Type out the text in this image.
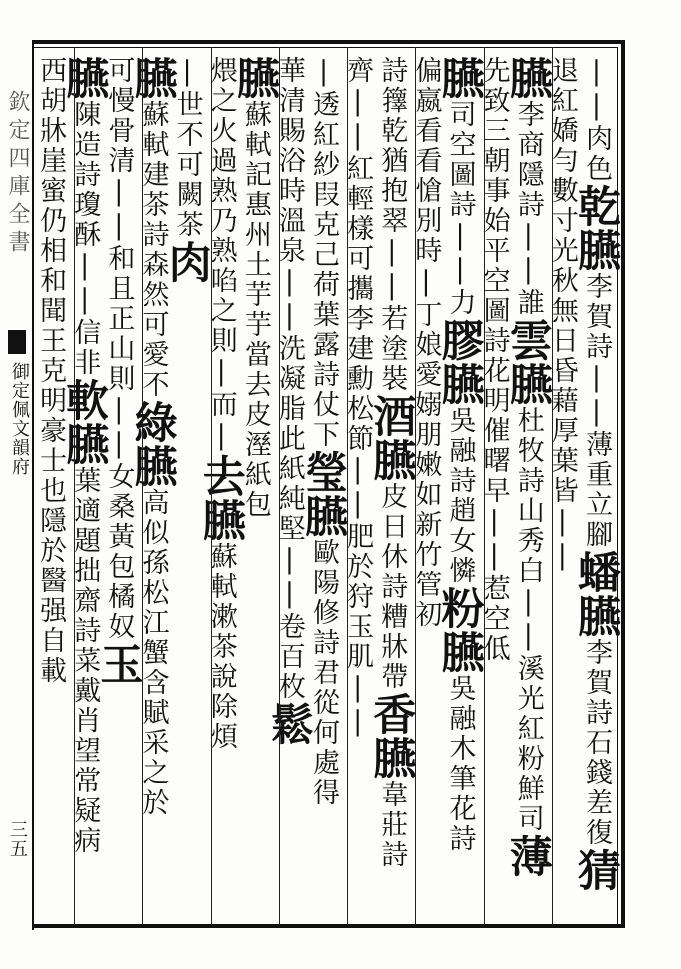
欽定四庫全書
御定佩文韻府
三五
||肉色乾臙李賀詩||薄重立腳蟠臙李賀詩石錢差復猜
退紅嬌勻數寸光秋無日昏藉厚葉皆||
臙李商隱詩||誰雲臙杜牧詩山秀白||溪光紅粉鮮司薄
先致三朝事始平空圖詩花明催曙早||惹空低
臙司空圖詩||力膠臙吳融詩趙女憐粉臙吳融木筆花詩
偏嬴看看愴別時|丁娘愛嫋朋嫩如新竹管初
詩籜乾猶抱翠||若塗裝酒臙皮日休詩糟牀帶香臙韋莊詩
齊||紅輕樣可攜李建勳松節||肥於狩玉肌||
|透紅紗叚克己荷葉露詩仗下瑩臙歐陽修詩君從何處得
華清賜浴時溫泉||洗凝脂此紙純堅||卷百枚鬆
臙蘇軾記惠州土芋芋當去皮溼紙包
煨之火過熟乃熟啗之則|而|去臙蘇軾漱茶說除煩
|世不可闕茶肉
臙蘇軾建茶詩森然可愛不綠臙高似孫松江蟹含賦采之於
可慢骨清||和且正山則||女桑黃包橘奴玉
臙陳造詩瓊酥||信非軟臙葉適題拙齋詩菜戴肖望常疑病
西胡牀崖蜜仍相和聞王克明豪士也隱於醫强自載
